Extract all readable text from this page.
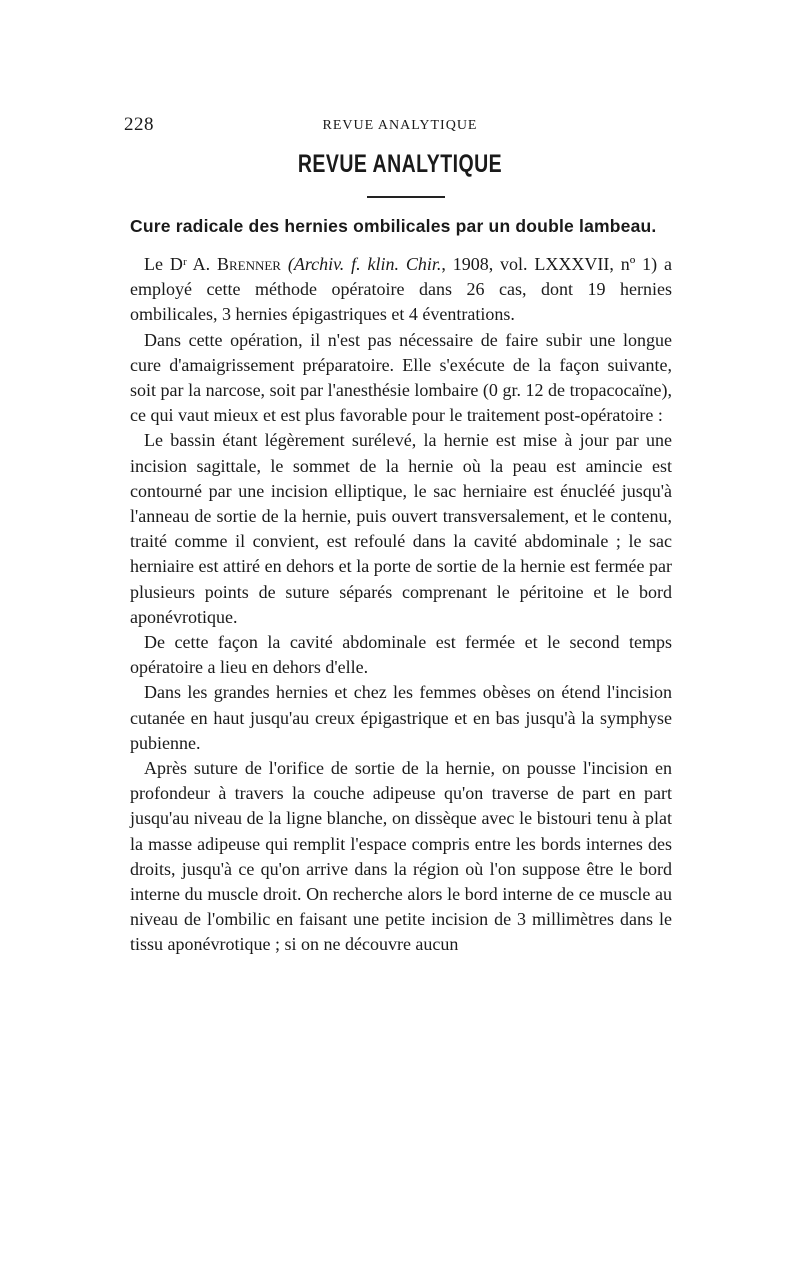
228	REVUE ANALYTIQUE
REVUE ANALYTIQUE
Cure radicale des hernies ombilicales par un double lambeau.

Le Dʳ A. Brenner (Archiv. f. klin. Chir., 1908, vol. LXXXVII, nº 1) a employé cette méthode opératoire dans 26 cas, dont 19 hernies ombilicales, 3 hernies épigastriques et 4 éventrations.

Dans cette opération, il n'est pas nécessaire de faire subir une longue cure d'amaigrissement préparatoire. Elle s'exécute de la façon suivante, soit par la narcose, soit par l'anesthésie lombaire (0 gr. 12 de tropacocaïne), ce qui vaut mieux et est plus favorable pour le traitement post-opératoire :

Le bassin étant légèrement surélevé, la hernie est mise à jour par une incision sagittale, le sommet de la hernie où la peau est amincie est contourné par une incision elliptique, le sac herniaire est énucléé jusqu'à l'anneau de sortie de la hernie, puis ouvert transversalement, et le contenu, traité comme il convient, est refoulé dans la cavité abdominale ; le sac herniaire est attiré en dehors et la porte de sortie de la hernie est fermée par plusieurs points de suture séparés comprenant le péritoine et le bord aponévrotique.

De cette façon la cavité abdominale est fermée et le second temps opératoire a lieu en dehors d'elle.

Dans les grandes hernies et chez les femmes obèses on étend l'incision cutanée en haut jusqu'au creux épigastrique et en bas jusqu'à la symphyse pubienne.

Après suture de l'orifice de sortie de la hernie, on pousse l'incision en profondeur à travers la couche adipeuse qu'on traverse de part en part jusqu'au niveau de la ligne blanche, on dissèque avec le bistouri tenu à plat la masse adipeuse qui remplit l'espace compris entre les bords internes des droits, jusqu'à ce qu'on arrive dans la région où l'on suppose être le bord interne du muscle droit. On recherche alors le bord interne de ce muscle au niveau de l'ombilic en faisant une petite incision de 3 millimètres dans le tissu aponévrotique ; si on ne découvre aucun
